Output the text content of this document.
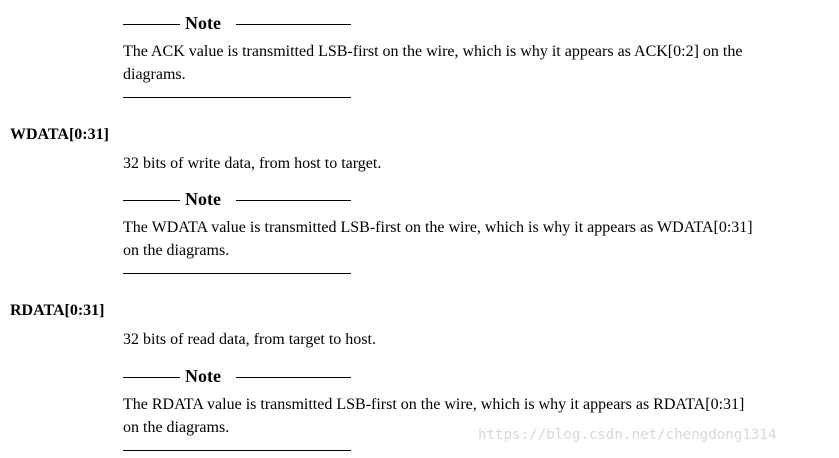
Note
The ACK value is transmitted LSB-first on the wire, which is why it appears as ACK[0:2] on the
diagrams.
WDATA[0:31]
32 bits of write data, from host to target.
Note
The WDATA value is transmitted LSB-first on the wire, which is why it appears as WDATA[0:31]
on the diagrams.
RDATA[0:31]
32 bits of read data, from target to host.
Note
The RDATA value is transmitted LSB-first on the wire, which is why it appears as RDATA[0:31]
on the diagrams.	https://blog.csdn.net/chengdong1314
